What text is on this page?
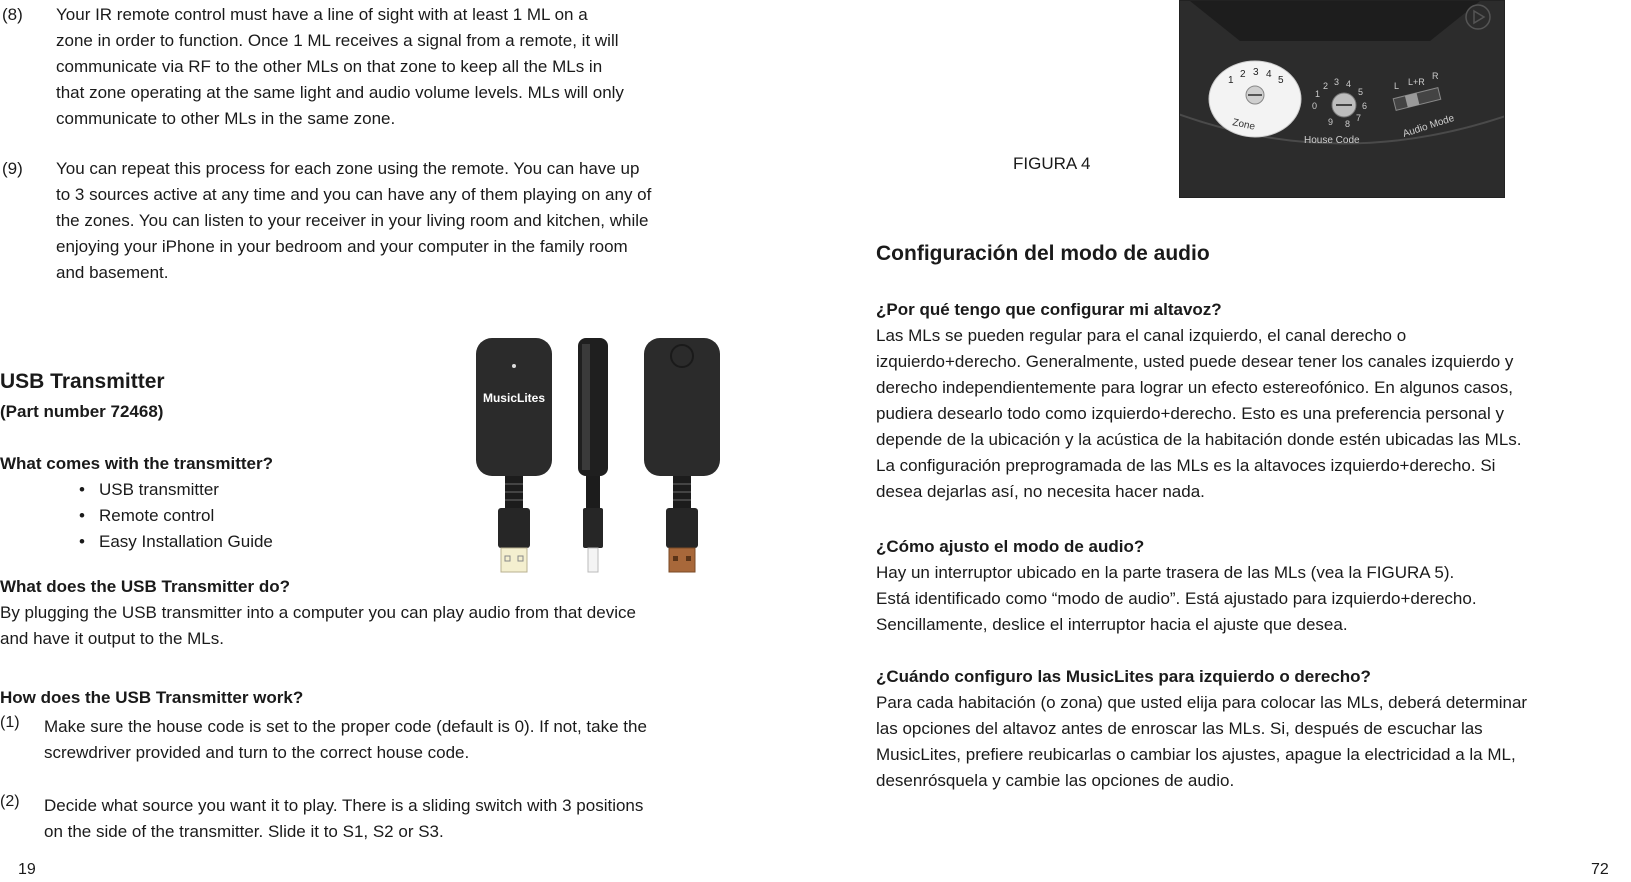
(8)	Your IR remote control must have a line of sight with at least 1 ML on a

zone in order to function. Once 1 ML receives a signal from a remote, it will

communicate via RF to the other MLs on that zone to keep all the MLs in

that zone operating at the same light and audio volume levels. MLs will only

communicate to other MLs in the same zone.

(9)	You can repeat this process for each zone using the remote. You can have up

to 3 sources active at any time and you can have any of them playing on any of

the zones. You can listen to your receiver in your living room and kitchen, while

enjoying your iPhone in your bedroom and your computer in the family room

and basement.

USB Transmitter
(Part number 72468)
What comes with the transmitter?
• USB transmitter
• Remote control
• Easy Installation Guide
MusicLites
What does the USB Transmitter do?

By plugging the USB transmitter into a computer you can play audio from that device

and have it output to the MLs.

How does the USB Transmitter work?
(1)	Make sure the house code is set to the proper code (default is 0). If not, take the

screwdriver provided and turn to the correct house code.

(2)	Decide what source you want it to play. There is a sliding switch with 3 positions

on the side of the transmitter. Slide it to S1, S2 or S3.

19
FIGURA 4
1
2 3 4
5
Zone
0
1
2 3 4
5
6
7
8
9
House Code
L L+R
R
Audio Mode
Configuración del modo de audio
¿Por qué tengo que configurar mi altavoz?

Las MLs se pueden regular para el canal izquierdo, el canal derecho o

izquierdo+derecho. Generalmente, usted puede desear tener los canales izquierdo y

derecho independientemente para lograr un efecto estereofónico. En algunos casos,

pudiera desearlo todo como izquierdo+derecho. Esto es una preferencia personal y

depende de la ubicación y la acústica de la habitación donde estén ubicadas las MLs.

La configuración preprogramada de las MLs es la altavoces izquierdo+derecho. Si

desea dejarlas así, no necesita hacer nada.

¿Cómo ajusto el modo de audio?

Hay un interruptor ubicado en la parte trasera de las MLs (vea la FIGURA 5).

Está identificado como “modo de audio”. Está ajustado para izquierdo+derecho.

Sencillamente, deslice el interruptor hacia el ajuste que desea.

¿Cuándo configuro las MusicLites para izquierdo o derecho?

Para cada habitación (o zona) que usted elija para colocar las MLs, deberá determinar

las opciones del altavoz antes de enroscar las MLs. Si, después de escuchar las

MusicLites, prefiere reubicarlas o cambiar los ajustes, apague la electricidad a la ML,

desenrósquela y cambie las opciones de audio.

72
